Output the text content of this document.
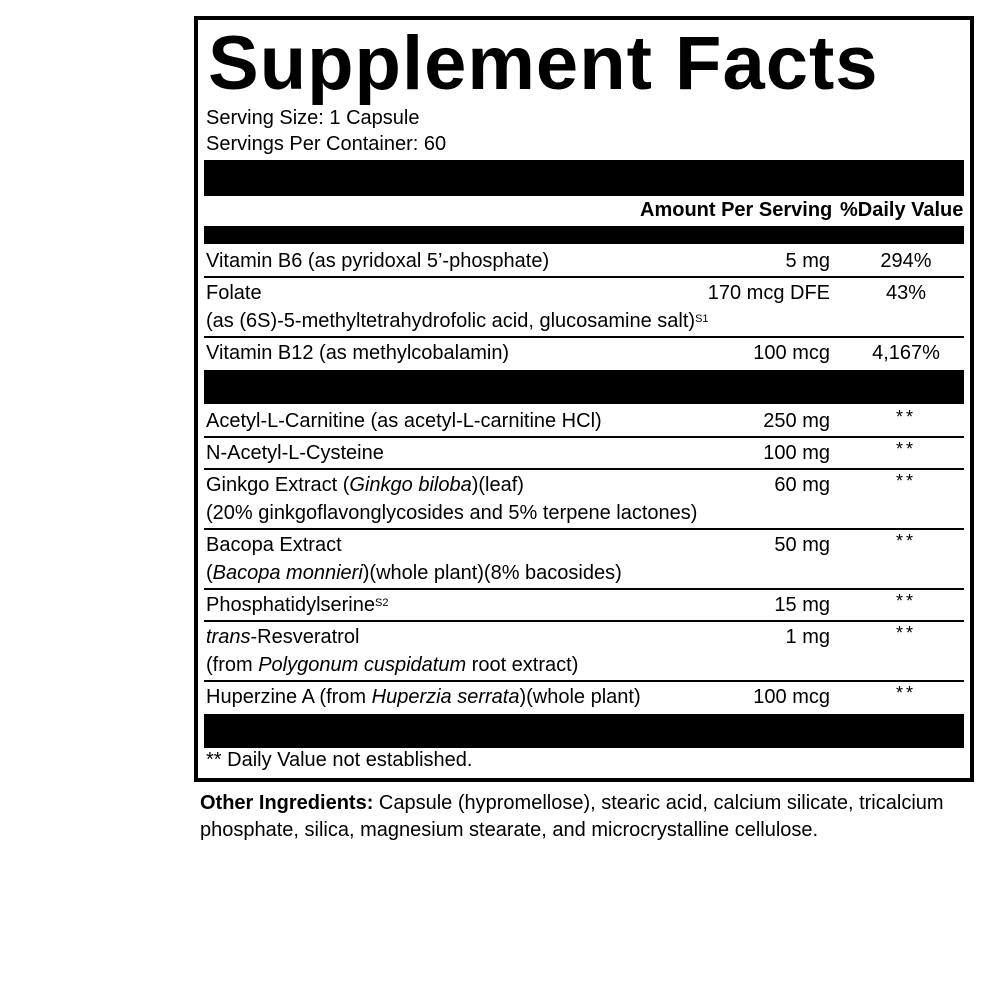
Supplement Facts
Serving Size: 1 Capsule
Servings Per Container: 60
Amount Per Serving %Daily Value
Vitamin B6 (as pyridoxal 5’-phosphate)	5 mg	294%
Folate
(as (6S)-5-methyltetrahydrofolic acid, glucosamine salt)$^{S1}$
170 mcg DFE	43%
Vitamin B12 (as methylcobalamin)	100 mcg	4,167%
Acetyl-L-Carnitine (as acetyl-L-carnitine HCl)	250 mg	**
N-Acetyl-L-Cysteine	100 mg	**
Ginkgo Extract (Ginkgo biloba)(leaf)
(20% ginkgoflavonglycosides and 5% terpene lactones)
60 mg	**
Bacopa Extract
(Bacopa monnieri)(whole plant)(8% bacosides)
50 mg	**
Phosphatidylserine$^{S2}$	15 mg	**
trans-Resveratrol
(from Polygonum cuspidatum root extract)
1 mg	**
Huperzine A (from Huperzia serrata)(whole plant)	100 mcg	**
** Daily Value not established.
Other Ingredients: Capsule (hypromellose), stearic acid, calcium silicate, tricalcium phosphate, silica, magnesium stearate, and microcrystalline cellulose.
